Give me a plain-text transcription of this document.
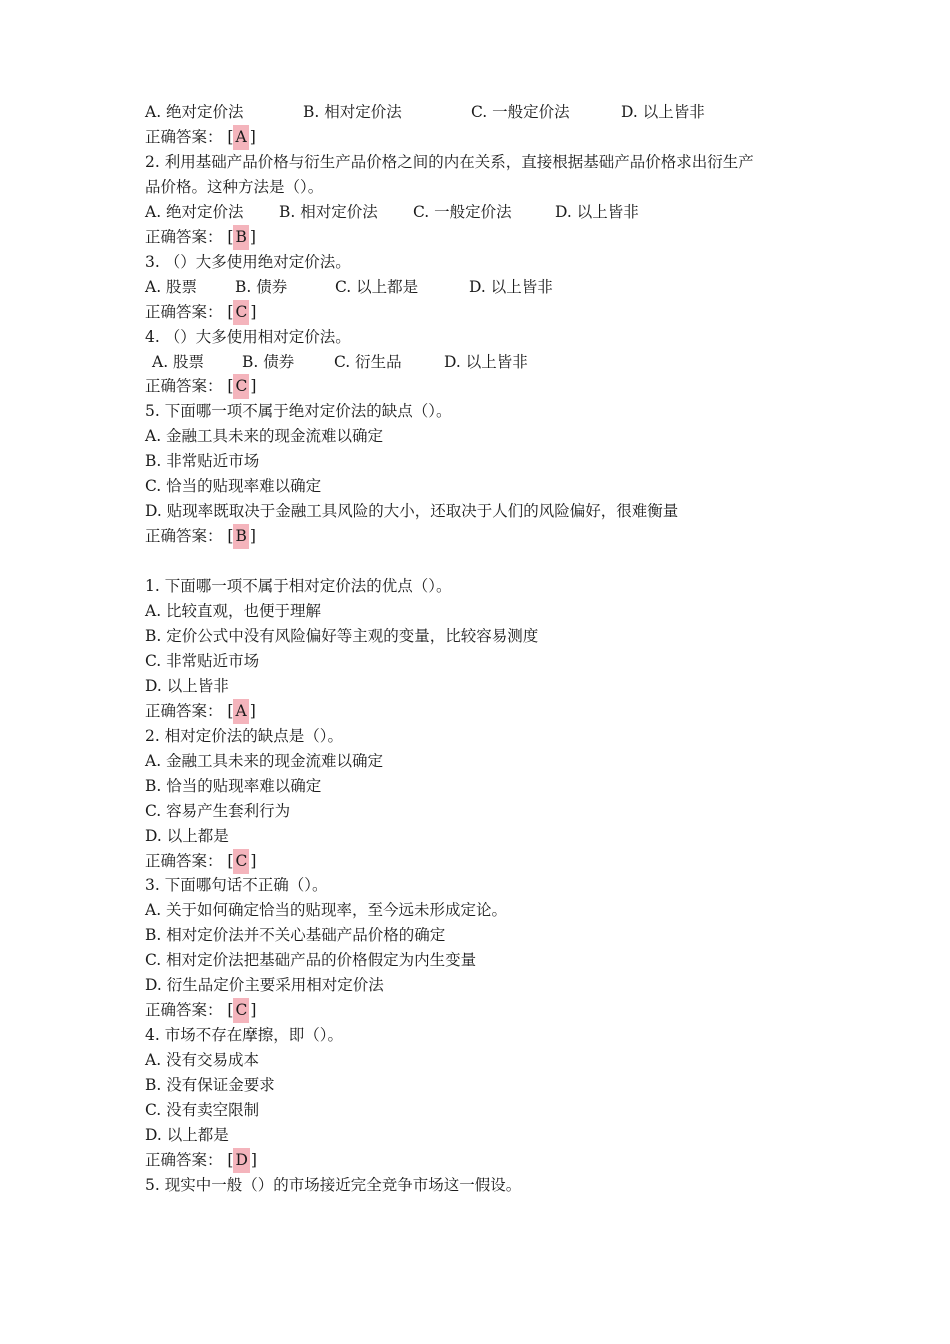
A. 绝对定价法	B. 相对定价法	C. 一般定价法	D. 以上皆非
正确答案： [ A ]
2. 利用基础产品价格与衍生产品价格之间的内在关系，直接根据基础产品价格求出衍生产
品价格。这种方法是（）。
A. 绝对定价法 B. 相对定价法 C. 一般定价法	D. 以上皆非
正确答案： [ B ]
3. （）大多使用绝对定价法。
A. 股票 B. 债券	C. 以上都是	D. 以上皆非
正确答案： [ C ]
4. （）大多使用相对定价法。
A. 股票 B. 债券	C. 衍生品	D. 以上皆非
正确答案： [ C ]
5. 下面哪一项不属于绝对定价法的缺点（）。
A. 金融工具未来的现金流难以确定
B. 非常贴近市场
C. 恰当的贴现率难以确定
D. 贴现率既取决于金融工具风险的大小，还取决于人们的风险偏好，很难衡量
正确答案： [ B ]
1. 下面哪一项不属于相对定价法的优点（）。
A. 比较直观，也便于理解
B. 定价公式中没有风险偏好等主观的变量，比较容易测度
C. 非常贴近市场
D. 以上皆非
正确答案： [ A ]
2. 相对定价法的缺点是（）。
A. 金融工具未来的现金流难以确定
B. 恰当的贴现率难以确定
C. 容易产生套利行为
D. 以上都是
正确答案： [ C ]
3. 下面哪句话不正确（）。
A. 关于如何确定恰当的贴现率，至今远未形成定论。
B. 相对定价法并不关心基础产品价格的确定
C. 相对定价法把基础产品的价格假定为内生变量
D. 衍生品定价主要采用相对定价法
正确答案： [ C ]
4. 市场不存在摩擦，即（）。
A. 没有交易成本
B. 没有保证金要求
C. 没有卖空限制
D. 以上都是
正确答案： [ D ]
5. 现实中一般（）的市场接近完全竞争市场这一假设。
